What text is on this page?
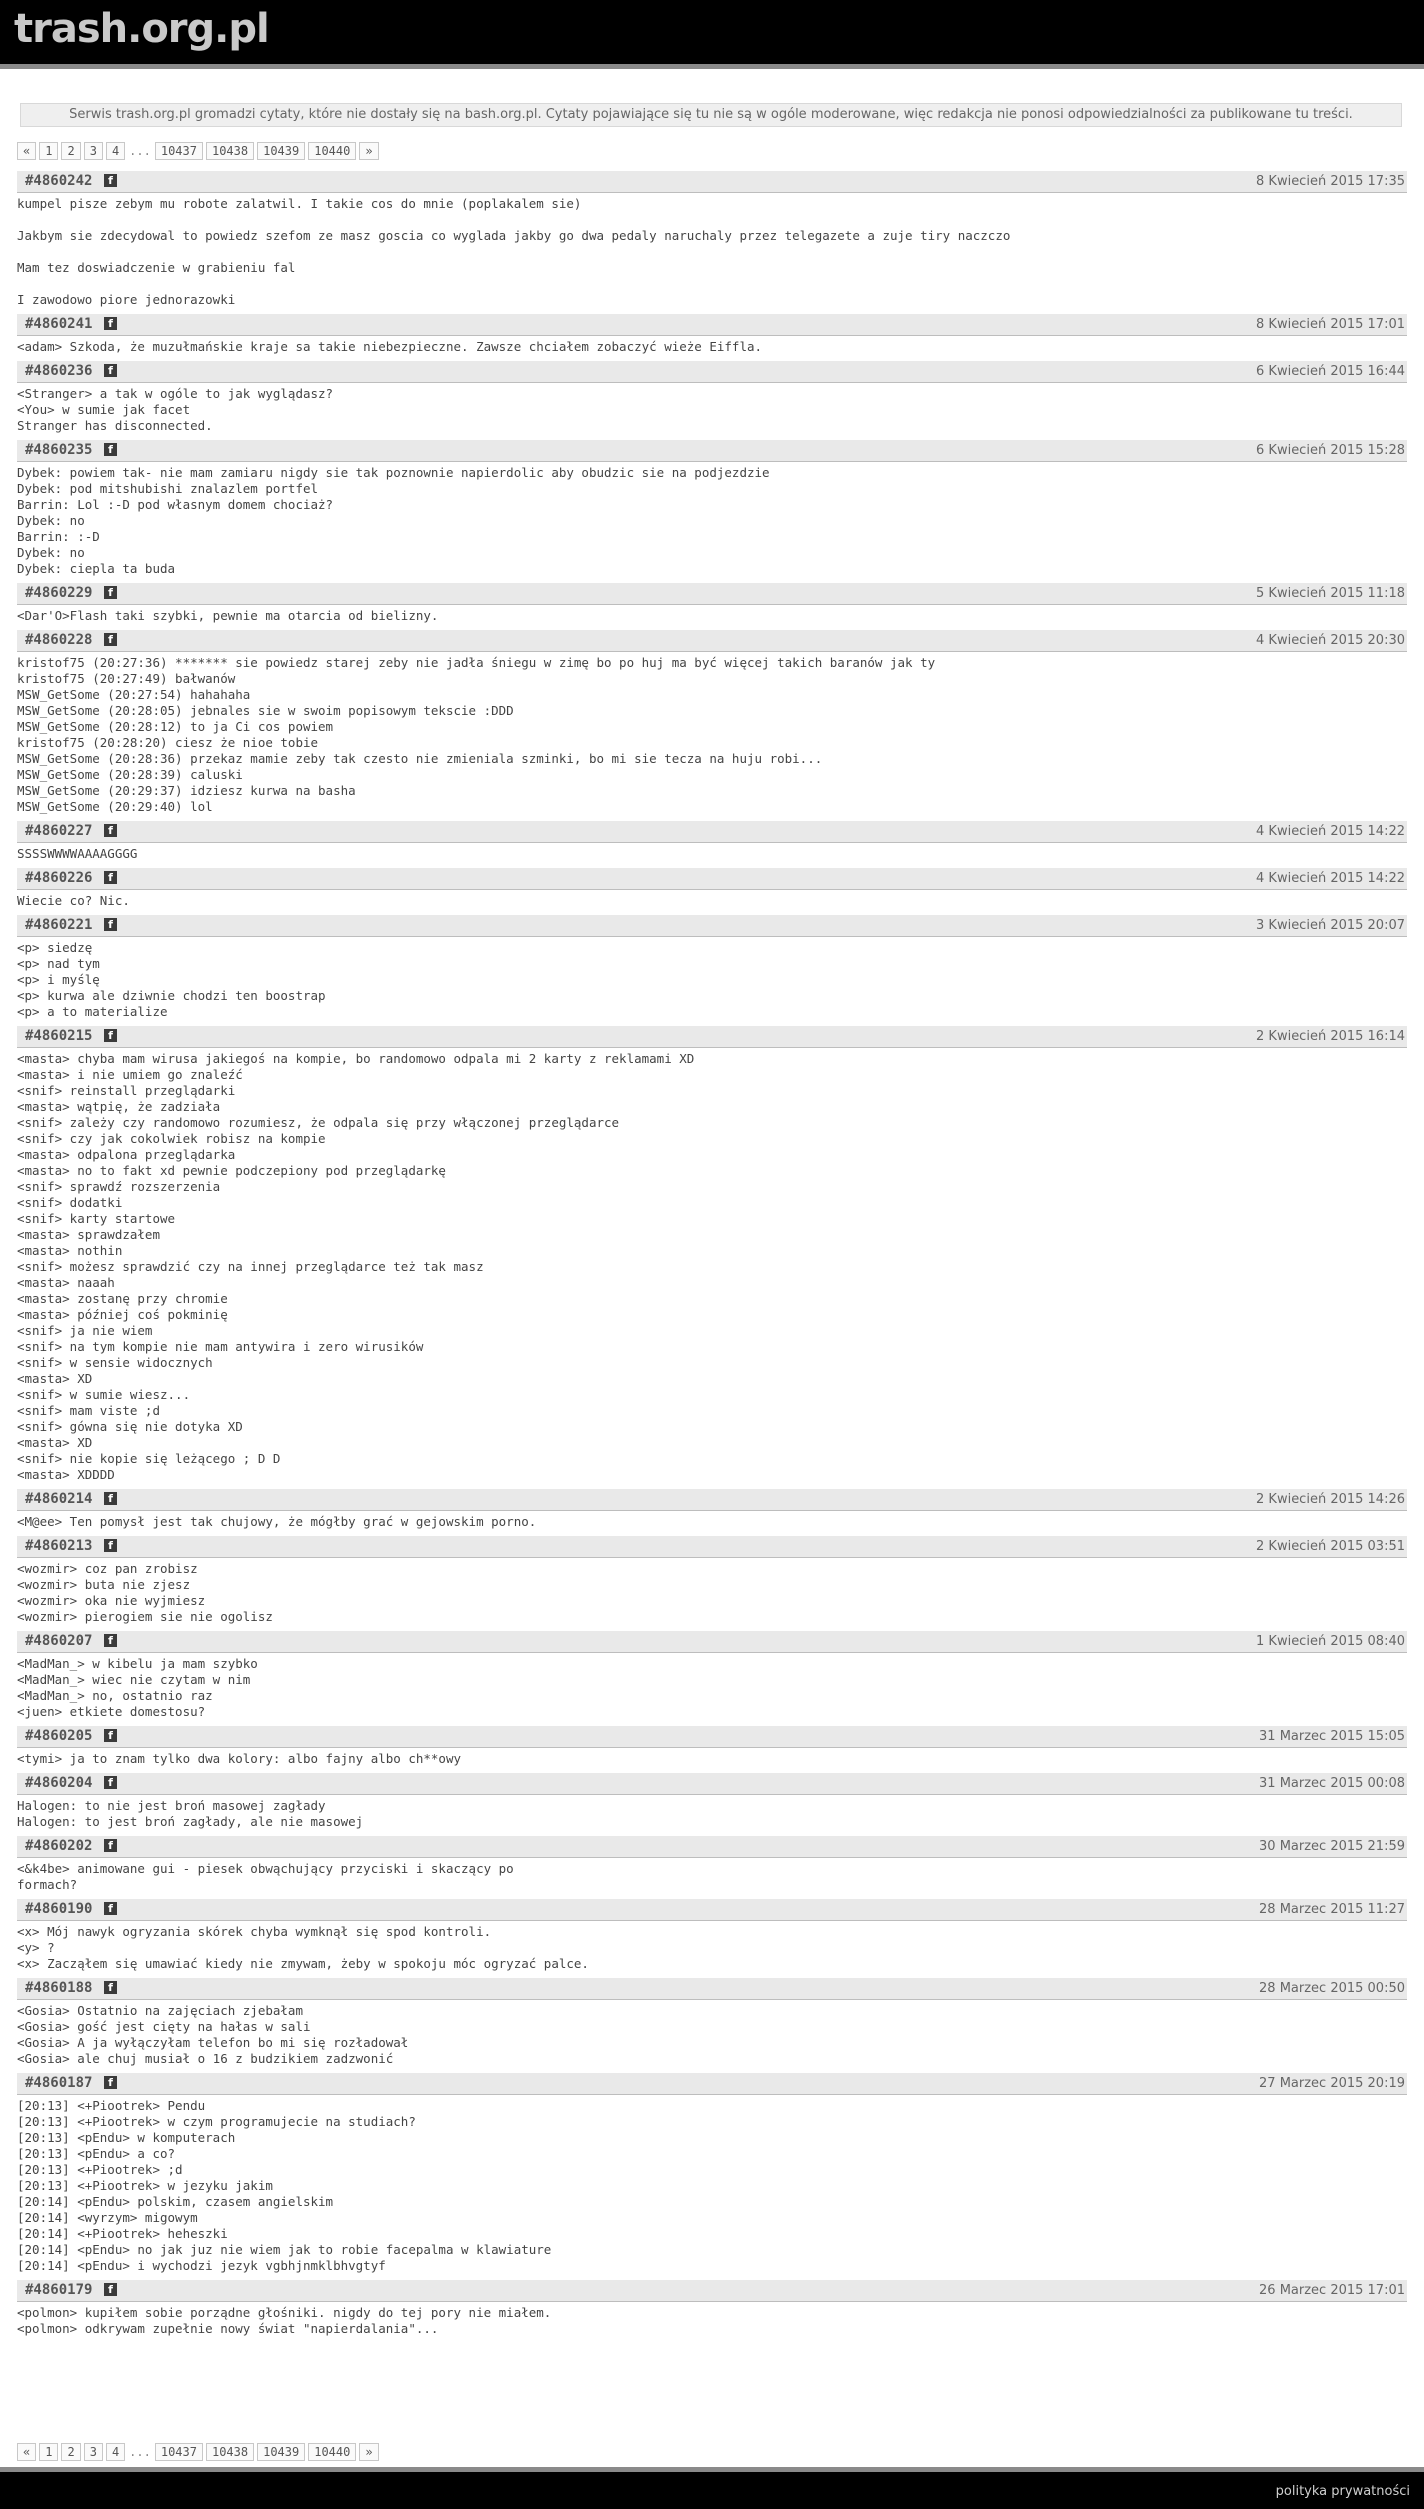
trash.org.pl
Serwis trash.org.pl gromadzi cytaty, które nie dostały się na bash.org.pl. Cytaty pojawiające się tu nie są w ogóle moderowane, więc redakcja nie ponosi odpowiedzialności za publikowane tu treści.
«	1	2	3	4 ... 10437	10438	10439	10440	»
#4860242	f	8 Kwiecień 2015 17:35
kumpel pisze zebym mu robote zalatwil. I takie cos do mnie (poplakalem sie)

Jakbym sie zdecydowal to powiedz szefom ze masz goscia co wyglada jakby go dwa pedaly naruchaly przez telegazete a zuje tiry naczczo

Mam tez doswiadczenie w grabieniu fal

I zawodowo piore jednorazowki
#4860241	f	8 Kwiecień 2015 17:01
<adam> Szkoda, że muzułmańskie kraje sa takie niebezpieczne. Zawsze chciałem zobaczyć wieże Eiffla.
#4860236	f	6 Kwiecień 2015 16:44
<Stranger> a tak w ogóle to jak wyglądasz?
<You> w sumie jak facet
Stranger has disconnected.
#4860235	f	6 Kwiecień 2015 15:28
Dybek: powiem tak- nie mam zamiaru nigdy sie tak poznownie napierdolic aby obudzic sie na podjezdzie
Dybek: pod mitshubishi znalazlem portfel
Barrin: Lol :-D pod własnym domem chociaż?
Dybek: no
Barrin: :-D
Dybek: no
Dybek: ciepla ta buda
#4860229	f	5 Kwiecień 2015 11:18
<Dar'O>Flash taki szybki, pewnie ma otarcia od bielizny.
#4860228	f	4 Kwiecień 2015 20:30
kristof75 (20:27:36) ******* sie powiedz starej zeby nie jadła śniegu w zimę bo po huj ma być więcej takich baranów jak ty
kristof75 (20:27:49) bałwanów
MSW_GetSome (20:27:54) hahahaha
MSW_GetSome (20:28:05) jebnales sie w swoim popisowym tekscie :DDD
MSW_GetSome (20:28:12) to ja Ci cos powiem
kristof75 (20:28:20) ciesz że nioe tobie
MSW_GetSome (20:28:36) przekaz mamie zeby tak czesto nie zmieniala szminki, bo mi sie tecza na huju robi...
MSW_GetSome (20:28:39) caluski
MSW_GetSome (20:29:37) idziesz kurwa na basha
MSW_GetSome (20:29:40) lol
#4860227	f	4 Kwiecień 2015 14:22
SSSSWWWWAAAAGGGG
#4860226	f	4 Kwiecień 2015 14:22
Wiecie co? Nic.
#4860221	f	3 Kwiecień 2015 20:07
<p> siedzę
<p> nad tym
<p> i myślę
<p> kurwa ale dziwnie chodzi ten boostrap
<p> a to materialize
#4860215	f	2 Kwiecień 2015 16:14
<masta> chyba mam wirusa jakiegoś na kompie, bo randomowo odpala mi 2 karty z reklamami XD
<masta> i nie umiem go znaleźć
<snif> reinstall przeglądarki
<masta> wątpię, że zadziała
<snif> zależy czy randomowo rozumiesz, że odpala się przy włączonej przeglądarce
<snif> czy jak cokolwiek robisz na kompie
<masta> odpalona przeglądarka
<masta> no to fakt xd pewnie podczepiony pod przeglądarkę
<snif> sprawdź rozszerzenia
<snif> dodatki
<snif> karty startowe
<masta> sprawdzałem
<masta> nothin
<snif> możesz sprawdzić czy na innej przeglądarce też tak masz
<masta> naaah
<masta> zostanę przy chromie
<masta> później coś pokminię
<snif> ja nie wiem
<snif> na tym kompie nie mam antywira i zero wirusików
<snif> w sensie widocznych
<masta> XD
<snif> w sumie wiesz...
<snif> mam viste ;d
<snif> gówna się nie dotyka XD
<masta> XD
<snif> nie kopie się leżącego ; D D
<masta> XDDDD
#4860214	f	2 Kwiecień 2015 14:26
<M@ee> Ten pomysł jest tak chujowy, że mógłby grać w gejowskim porno.
#4860213	f	2 Kwiecień 2015 03:51
<wozmir> coz pan zrobisz
<wozmir> buta nie zjesz
<wozmir> oka nie wyjmiesz
<wozmir> pierogiem sie nie ogolisz
#4860207	f	1 Kwiecień 2015 08:40
<MadMan_> w kibelu ja mam szybko
<MadMan_> wiec nie czytam w nim
<MadMan_> no, ostatnio raz
<juen> etkiete domestosu?
#4860205	f	31 Marzec 2015 15:05
<tymi> ja to znam tylko dwa kolory: albo fajny albo ch**owy
#4860204	f	31 Marzec 2015 00:08
Halogen: to nie jest broń masowej zagłady
Halogen: to jest broń zagłady, ale nie masowej
#4860202	f	30 Marzec 2015 21:59
<&k4be> animowane gui - piesek obwąchujący przyciski i skaczący po
formach?
#4860190	f	28 Marzec 2015 11:27
<x> Mój nawyk ogryzania skórek chyba wymknął się spod kontroli.
<y> ?
<x> Zacząłem się umawiać kiedy nie zmywam, żeby w spokoju móc ogryzać palce.
#4860188	f	28 Marzec 2015 00:50
<Gosia> Ostatnio na zajęciach zjebałam
<Gosia> gość jest cięty na hałas w sali
<Gosia> A ja wyłączyłam telefon bo mi się rozładował
<Gosia> ale chuj musiał o 16 z budzikiem zadzwonić
#4860187	f	27 Marzec 2015 20:19
[20:13] <+Piootrek> Pendu
[20:13] <+Piootrek> w czym programujecie na studiach?
[20:13] <pEndu> w komputerach
[20:13] <pEndu> a co?
[20:13] <+Piootrek> ;d
[20:13] <+Piootrek> w jezyku jakim
[20:14] <pEndu> polskim, czasem angielskim
[20:14] <wyrzym> migowym
[20:14] <+Piootrek> heheszki
[20:14] <pEndu> no jak juz nie wiem jak to robie facepalma w klawiature
[20:14] <pEndu> i wychodzi jezyk vgbhjnmklbhvgtyf
#4860179	f	26 Marzec 2015 17:01
<polmon> kupiłem sobie porządne głośniki. nigdy do tej pory nie miałem.
<polmon> odkrywam zupełnie nowy świat "napierdalania"...
«	1	2	3	4 ... 10437	10438	10439	10440	»
polityka prywatności
